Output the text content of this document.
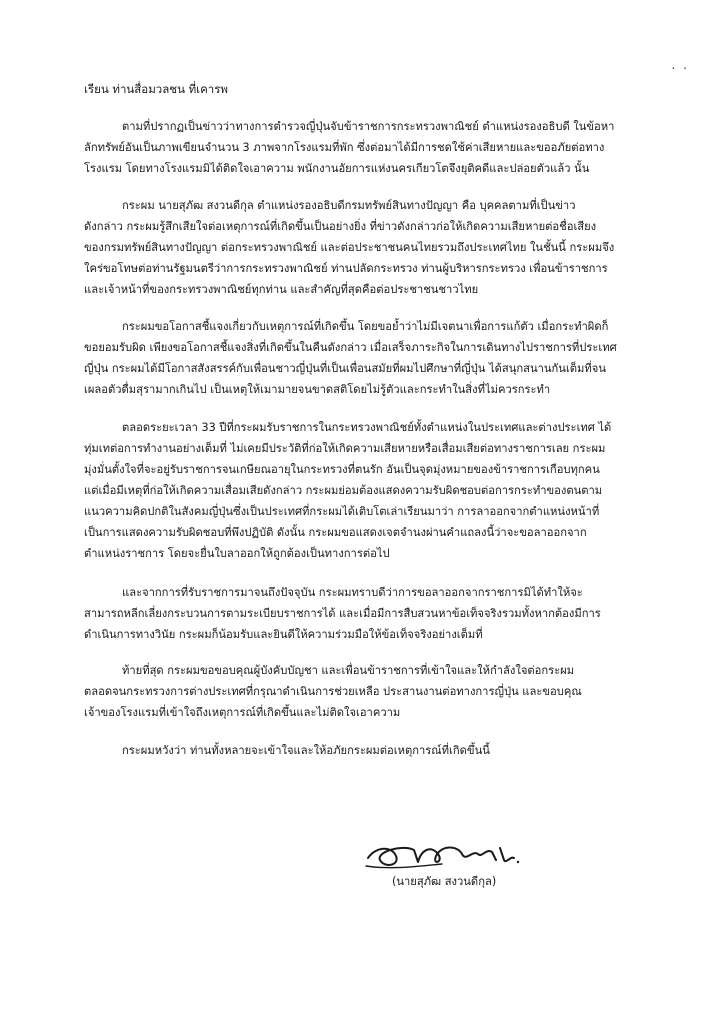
. .
เรียน ท่านสื่อมวลชน ที่เคารพ
ตามที่ปรากฏเป็นข่าวว่าทางการตำรวจญี่ปุ่นจับข้าราชการกระทรวงพาณิชย์ ตำแหน่งรองอธิบดี ในข้อหา
ลักทรัพย์อันเป็นภาพเขียนจำนวน 3 ภาพจากโรงแรมที่พัก ซึ่งต่อมาได้มีการชดใช้ค่าเสียหายและขออภัยต่อทาง
โรงแรม โดยทางโรงแรมมิได้ติดใจเอาความ พนักงานอัยการแห่งนครเกียวโตจึงยุติคดีและปล่อยตัวแล้ว นั้น
กระผม นายสุภัฒ สงวนดีกุล ตำแหน่งรองอธิบดีกรมทรัพย์สินทางปัญญา คือ บุคคลตามที่เป็นข่าว
ดังกล่าว กระผมรู้สึกเสียใจต่อเหตุการณ์ที่เกิดขึ้นเป็นอย่างยิ่ง ที่ข่าวดังกล่าวก่อให้เกิดความเสียหายต่อชื่อเสียง
ของกรมทรัพย์สินทางปัญญา ต่อกระทรวงพาณิชย์ และต่อประชาชนคนไทยรวมถึงประเทศไทย ในชั้นนี้ กระผมจึง
ใคร่ขอโทษต่อท่านรัฐมนตรีว่าการกระทรวงพาณิชย์ ท่านปลัดกระทรวง ท่านผู้บริหารกระทรวง เพื่อนข้าราชการ
และเจ้าหน้าที่ของกระทรวงพาณิชย์ทุกท่าน และสำคัญที่สุดคือต่อประชาชนชาวไทย
กระผมขอโอกาสชี้แจงเกี่ยวกับเหตุการณ์ที่เกิดขึ้น โดยขอย้ำว่าไม่มีเจตนาเพื่อการแก้ตัว เมื่อกระทำผิดก็
ขอยอมรับผิด เพียงขอโอกาสชี้แจงสิ่งที่เกิดขึ้นในคืนดังกล่าว เมื่อเสร็จภาระกิจในการเดินทางไปราชการที่ประเทศ
ญี่ปุ่น กระผมได้มีโอกาสสังสรรค์กับเพื่อนชาวญี่ปุ่นที่เป็นเพื่อนสมัยที่ผมไปศึกษาที่ญี่ปุ่น ได้สนุกสนานกันเต็มที่จน
เผลอตัวดื่มสุรามากเกินไป เป็นเหตุให้เมามายจนขาดสติโดยไม่รู้ตัวและกระทำในสิ่งที่ไม่ควรกระทำ
ตลอดระยะเวลา 33 ปีที่กระผมรับราชการในกระทรวงพาณิชย์ทั้งตำแหน่งในประเทศและต่างประเทศ ได้
ทุ่มเทต่อการทำงานอย่างเต็มที่ ไม่เคยมีประวัติที่ก่อให้เกิดความเสียหายหรือเสื่อมเสียต่อทางราชการเลย กระผม
มุ่งมั่นตั้งใจที่จะอยู่รับราชการจนเกษียณอายุในกระทรวงที่ตนรัก อันเป็นจุดมุ่งหมายของข้าราชการเกือบทุกคน
แต่เมื่อมีเหตุที่ก่อให้เกิดความเสื่อมเสียดังกล่าว กระผมย่อมต้องแสดงความรับผิดชอบต่อการกระทำของตนตาม
แนวความคิดปกติในสังคมญี่ปุ่นซึ่งเป็นประเทศที่กระผมได้เติบโตเล่าเรียนมาว่า การลาออกจากตำแหน่งหน้าที่
เป็นการแสดงความรับผิดชอบที่พึงปฏิบัติ ดังนั้น กระผมขอแสดงเจตจำนงผ่านคำแถลงนี้ว่าจะขอลาออกจาก
ตำแหน่งราชการ โดยจะยื่นใบลาออกให้ถูกต้องเป็นทางการต่อไป
และจากการที่รับราชการมาจนถึงปัจจุบัน กระผมทราบดีว่าการขอลาออกจากราชการมิได้ทำให้จะ
สามารถหลีกเลี่ยงกระบวนการตามระเบียบราชการได้ และเมื่อมีการสืบสวนหาข้อเท็จจริงรวมทั้งหากต้องมีการ
ดำเนินการทางวินัย กระผมก็น้อมรับและยินดีให้ความร่วมมือให้ข้อเท็จจริงอย่างเต็มที่
ท้ายที่สุด กระผมขอขอบคุณผู้บังคับบัญชา และเพื่อนข้าราชการที่เข้าใจและให้กำลังใจต่อกระผม
ตลอดจนกระทรวงการต่างประเทศที่กรุณาดำเนินการช่วยเหลือ ประสานงานต่อทางการญี่ปุ่น และขอบคุณ
เจ้าของโรงแรมที่เข้าใจถึงเหตุการณ์ที่เกิดขึ้นและไม่ติดใจเอาความ
กระผมหวังว่า ท่านทั้งหลายจะเข้าใจและให้อภัยกระผมต่อเหตุการณ์ที่เกิดขึ้นนี้
(นายสุภัฒ สงวนดีกุล)
